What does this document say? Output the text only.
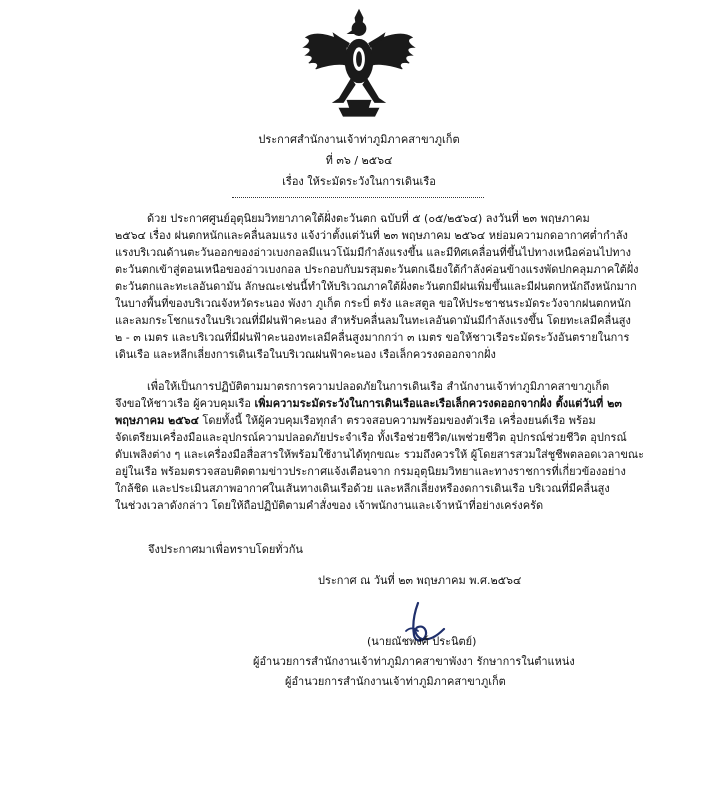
ประกาศสำนักงานเจ้าท่าภูมิภาคสาขาภูเก็ต
ที่ ๓๖ / ๒๕๖๔
เรื่อง ให้ระมัดระวังในการเดินเรือ
ด้วย ประกาศศูนย์อุตุนิยมวิทยาภาคใต้ฝั่งตะวันตก ฉบับที่ ๕ (๐๕/๒๕๖๔) ลงวันที่ ๒๓ พฤษภาคม
๒๕๖๔ เรื่อง ฝนตกหนักและคลื่นลมแรง แจ้งว่าตั้งแต่วันที่ ๒๓ พฤษภาคม ๒๕๖๔ หย่อมความกดอากาศต่ำกำลัง
แรงบริเวณด้านตะวันออกของอ่าวเบงกอลมีแนวโน้มมีกำลังแรงขึ้น และมีทิศเคลื่อนที่ขึ้นไปทางเหนือค่อนไปทาง
ตะวันตกเข้าสู่ตอนเหนือของอ่าวเบงกอล ประกอบกับมรสุมตะวันตกเฉียงใต้กำลังค่อนข้างแรงพัดปกคลุมภาคใต้ฝั่ง
ตะวันตกและทะเลอันดามัน ลักษณะเช่นนี้ทำให้บริเวณภาคใต้ฝั่งตะวันตกมีฝนเพิ่มขึ้นและมีฝนตกหนักถึงหนักมาก
ในบางพื้นที่ของบริเวณจังหวัดระนอง พังงา ภูเก็ต กระบี่ ตรัง และสตูล ขอให้ประชาชนระมัดระวังจากฝนตกหนัก
และลมกระโชกแรงในบริเวณที่มีฝนฟ้าคะนอง สำหรับคลื่นลมในทะเลอันดามันมีกำลังแรงขึ้น โดยทะเลมีคลื่นสูง
๒ - ๓ เมตร และบริเวณที่มีฝนฟ้าคะนองทะเลมีคลื่นสูงมากกว่า ๓ เมตร ขอให้ชาวเรือระมัดระวังอันตรายในการ
เดินเรือ และหลีกเลี่ยงการเดินเรือในบริเวณฝนฟ้าคะนอง เรือเล็กควรงดออกจากฝั่ง
เพื่อให้เป็นการปฏิบัติตามมาตรการความปลอดภัยในการเดินเรือ สำนักงานเจ้าท่าภูมิภาคสาขาภูเก็ต
จึงขอให้ชาวเรือ ผู้ควบคุมเรือ เพิ่มความระมัดระวังในการเดินเรือและเรือเล็กควรงดออกจากฝั่ง ตั้งแต่วันที่ ๒๓
พฤษภาคม ๒๕๖๔ โดยทั้งนี้ ให้ผู้ควบคุมเรือทุกลำ ตรวจสอบความพร้อมของตัวเรือ เครื่องยนต์เรือ พร้อม
จัดเตรียมเครื่องมือและอุปกรณ์ความปลอดภัยประจำเรือ ทั้งเรือช่วยชีวิต/แพช่วยชีวิต อุปกรณ์ช่วยชีวิต อุปกรณ์
ดับเพลิงต่าง ๆ และเครื่องมือสื่อสารให้พร้อมใช้งานได้ทุกขณะ รวมถึงควรให้ ผู้โดยสารสวมใส่ชูชีพตลอดเวลาขณะ
อยู่ในเรือ พร้อมตรวจสอบติดตามข่าวประกาศแจ้งเตือนจาก กรมอุตุนิยมวิทยาและทางราชการที่เกี่ยวข้องอย่าง
ใกล้ชิด และประเมินสภาพอากาศในเส้นทางเดินเรือด้วย และหลีกเลี่ยงหรืองดการเดินเรือ บริเวณที่มีคลื่นสูง
ในช่วงเวลาดังกล่าว โดยให้ถือปฏิบัติตามคำสั่งของ เจ้าพนักงานและเจ้าหน้าที่อย่างเคร่งครัด
จึงประกาศมาเพื่อทราบโดยทั่วกัน
ประกาศ ณ วันที่ ๒๓ พฤษภาคม พ.ศ.๒๕๖๔
(นายณัชพงศ์ ประนิตย์)
ผู้อำนวยการสำนักงานเจ้าท่าภูมิภาคสาขาพังงา รักษาการในตำแหน่ง
ผู้อำนวยการสำนักงานเจ้าท่าภูมิภาคสาขาภูเก็ต
